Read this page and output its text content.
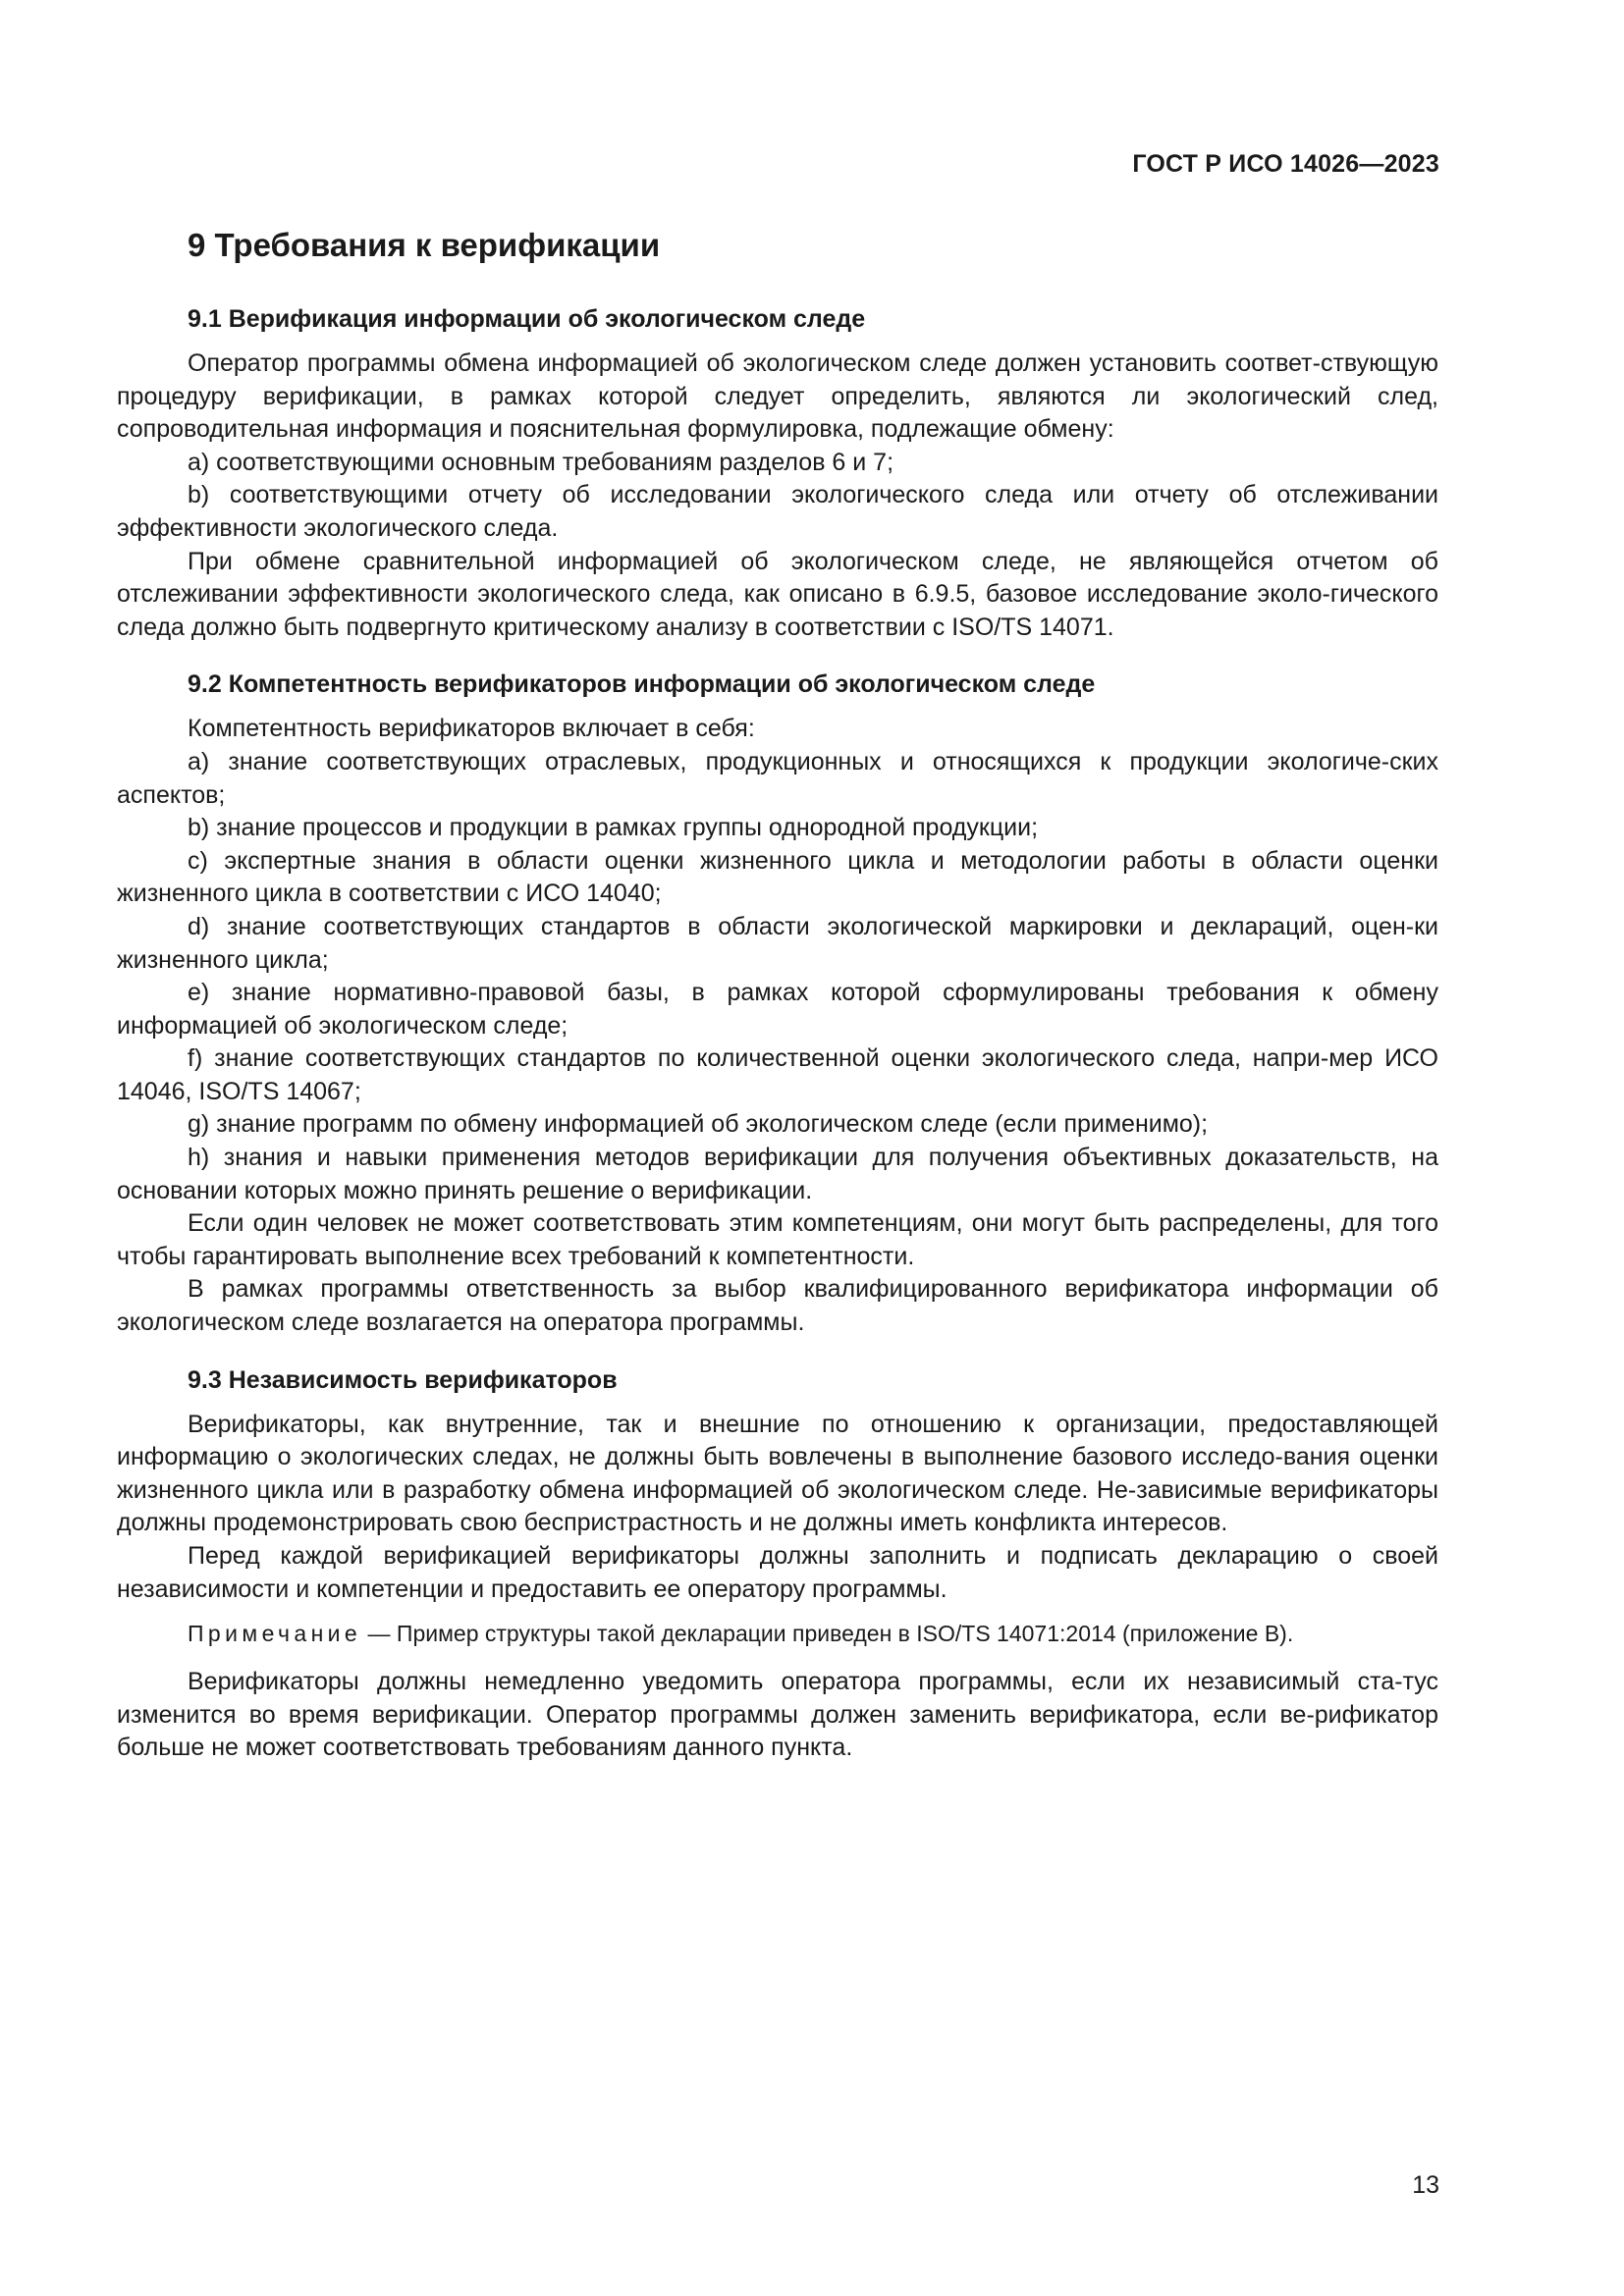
ГОСТ Р ИСО 14026—2023
9 Требования к верификации
9.1 Верификация информации об экологическом следе

Оператор программы обмена информацией об экологическом следе должен установить соответ-ствующую процедуру верификации, в рамках которой следует определить, являются ли экологический след, сопроводительная информация и пояснительная формулировка, подлежащие обмену:

а) соответствующими основным требованиям разделов 6 и 7;

b) соответствующими отчету об исследовании экологического следа или отчету об отслеживании эффективности экологического следа.

При обмене сравнительной информацией об экологическом следе, не являющейся отчетом об отслеживании эффективности экологического следа, как описано в 6.9.5, базовое исследование эколо-гического следа должно быть подвергнуто критическому анализу в соответствии с ISO/TS 14071.

9.2 Компетентность верификаторов информации об экологическом следе

Компетентность верификаторов включает в себя:

а) знание соответствующих отраслевых, продукционных и относящихся к продукции экологиче-ских аспектов;

b) знание процессов и продукции в рамках группы однородной продукции;

с) экспертные знания в области оценки жизненного цикла и методологии работы в области оценки жизненного цикла в соответствии с ИСО 14040;

d) знание соответствующих стандартов в области экологической маркировки и деклараций, оцен-ки жизненного цикла;

е) знание нормативно-правовой базы, в рамках которой сформулированы требования к обмену информацией об экологическом следе;

f) знание соответствующих стандартов по количественной оценки экологического следа, напри-мер ИСО 14046, ISO/TS 14067;

g) знание программ по обмену информацией об экологическом следе (если применимо);

h) знания и навыки применения методов верификации для получения объективных доказательств, на основании которых можно принять решение о верификации.

Если один человек не может соответствовать этим компетенциям, они могут быть распределены, для того чтобы гарантировать выполнение всех требований к компетентности.

В рамках программы ответственность за выбор квалифицированного верификатора информации об экологическом следе возлагается на оператора программы.

9.3 Независимость верификаторов

Верификаторы, как внутренние, так и внешние по отношению к организации, предоставляющей информацию о экологических следах, не должны быть вовлечены в выполнение базового исследо-вания оценки жизненного цикла или в разработку обмена информацией об экологическом следе. Не-зависимые верификаторы должны продемонстрировать свою беспристрастность и не должны иметь конфликта интересов.

Перед каждой верификацией верификаторы должны заполнить и подписать декларацию о своей независимости и компетенции и предоставить ее оператору программы.

Примечание — Пример структуры такой декларации приведен в ISO/TS 14071:2014 (приложение В).

Верификаторы должны немедленно уведомить оператора программы, если их независимый ста-тус изменится во время верификации. Оператор программы должен заменить верификатора, если ве-рификатор больше не может соответствовать требованиям данного пункта.

13
